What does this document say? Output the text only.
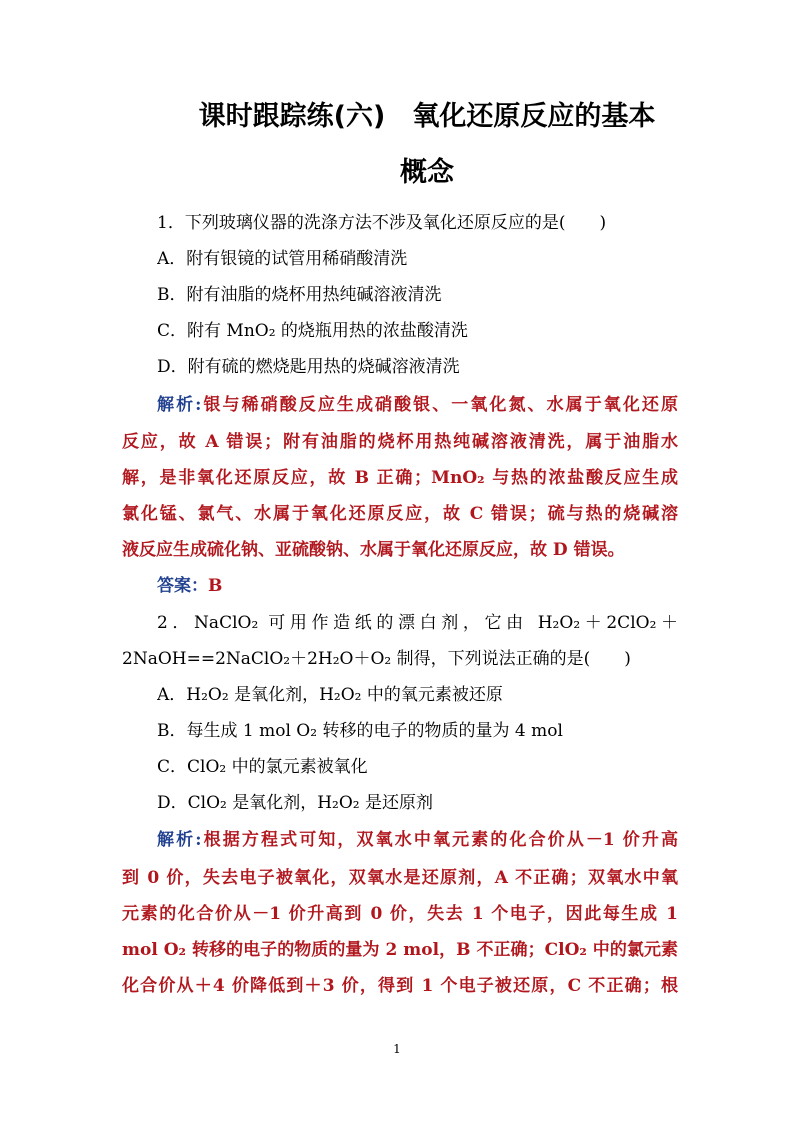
课时跟踪练(六)　氧化还原反应的基本
概念
1．下列玻璃仪器的洗涤方法不涉及氧化还原反应的是(　　)
A．附有银镜的试管用稀硝酸清洗
B．附有油脂的烧杯用热纯碱溶液清洗
C．附有 MnO₂ 的烧瓶用热的浓盐酸清洗
D．附有硫的燃烧匙用热的烧碱溶液清洗
解析:银与稀硝酸反应生成硝酸银、一氧化氮、水属于氧化还原
反应，故 A 错误；附有油脂的烧杯用热纯碱溶液清洗，属于油脂水
解，是非氧化还原反应，故 B 正确；MnO₂ 与热的浓盐酸反应生成
氯化锰、氯气、水属于氧化还原反应，故 C 错误；硫与热的烧碱溶
液反应生成硫化钠、亚硫酸钠、水属于氧化还原反应，故 D 错误。
答案：B
2．NaClO₂ 可用作造纸的漂白剂，它由 H₂O₂＋2ClO₂＋
2NaOH==2NaClO₂＋2H₂O＋O₂ 制得，下列说法正确的是(　　)
A．H₂O₂ 是氧化剂，H₂O₂ 中的氧元素被还原
B．每生成 1 mol O₂ 转移的电子的物质的量为 4 mol
C．ClO₂ 中的氯元素被氧化
D．ClO₂ 是氧化剂，H₂O₂ 是还原剂
解析:根据方程式可知，双氧水中氧元素的化合价从－1 价升高
到 0 价，失去电子被氧化，双氧水是还原剂，A 不正确；双氧水中氧
元素的化合价从－1 价升高到 0 价，失去 1 个电子，因此每生成 1
mol O₂ 转移的电子的物质的量为 2 mol，B 不正确；ClO₂ 中的氯元素
化合价从＋4 价降低到＋3 价，得到 1 个电子被还原，C 不正确；根
1
